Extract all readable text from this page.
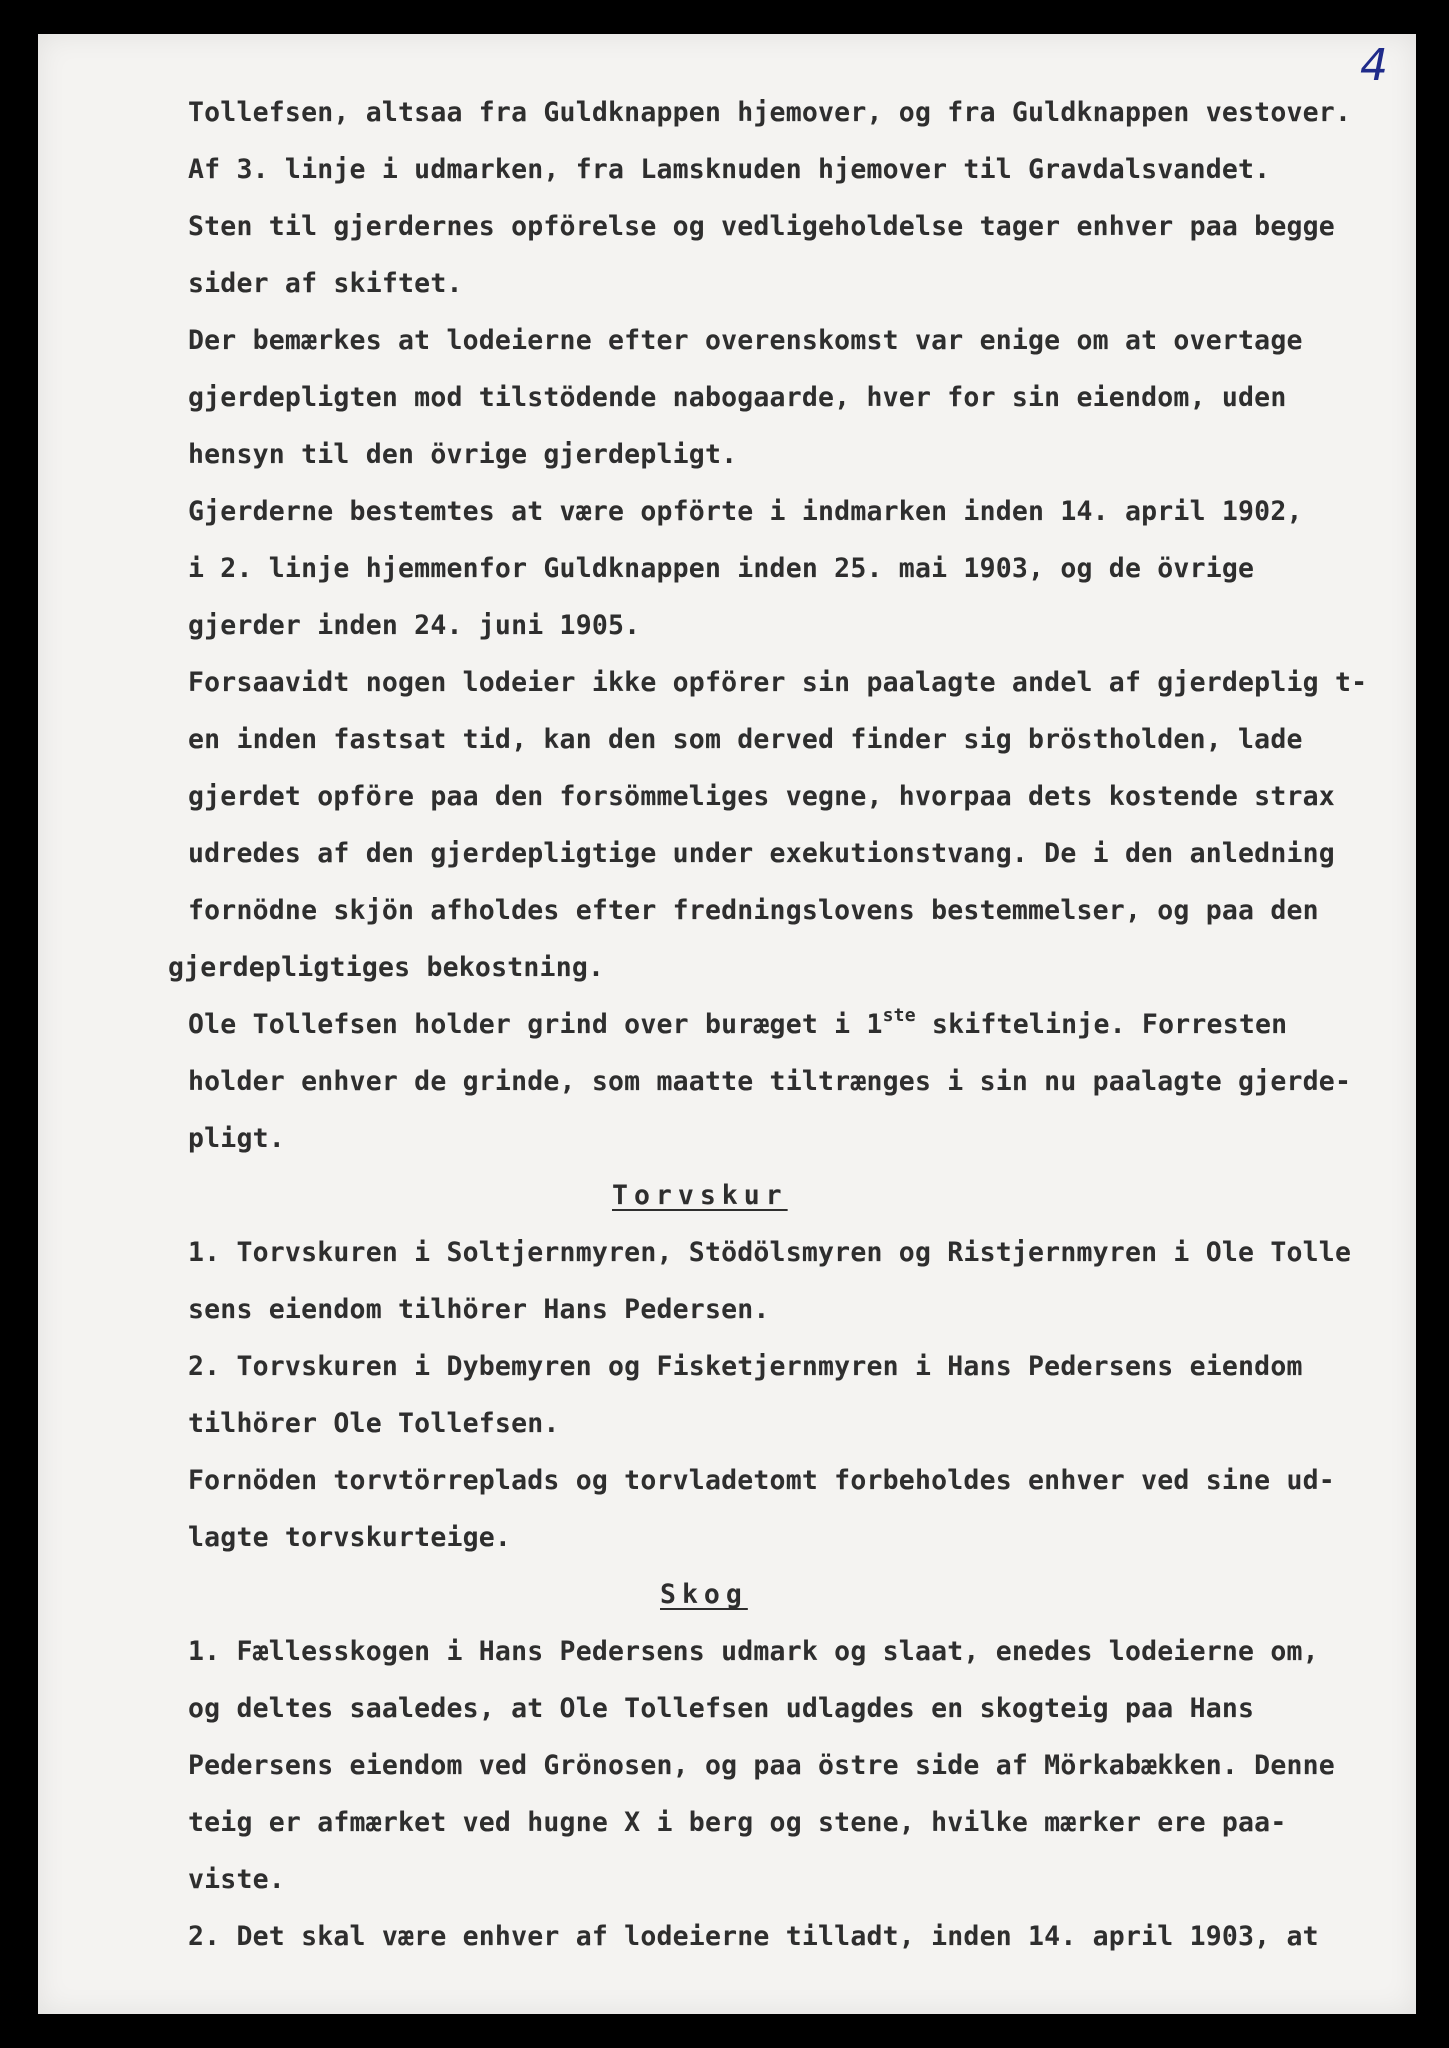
4
Tollefsen, altsaa fra Guldknappen hjemover, og fra Guldknappen vestover.
Af 3. linje i udmarken, fra Lamsknuden hjemover til Gravdalsvandet.
Sten til gjerdernes opförelse og vedligeholdelse tager enhver paa begge
sider af skiftet.
Der bemærkes at lodeierne efter overenskomst var enige om at overtage
gjerdepligten mod tilstödende nabogaarde, hver for sin eiendom, uden
hensyn til den övrige gjerdepligt.
Gjerderne bestemtes at være opförte i indmarken inden 14. april 1902,
i 2. linje hjemmenfor Guldknappen inden 25. mai 1903, og de övrige
gjerder inden 24. juni 1905.
Forsaavidt nogen lodeier ikke opförer sin paalagte andel af gjerdeplig t-
en inden fastsat tid, kan den som derved finder sig bröstholden, lade
gjerdet opföre paa den forsömmeliges vegne, hvorpaa dets kostende strax
udredes af den gjerdepligtige under exekutionstvang. De i den anledning
fornödne skjön afholdes efter fredningslovens bestemmelser, og paa den
gjerdepligtiges bekostning.
Ole Tollefsen holder grind over buræget i 1ste skiftelinje. Forresten
holder enhver de grinde, som maatte tiltrænges i sin nu paalagte gjerde-
pligt.
Torvskur
1. Torvskuren i Soltjernmyren, Stödölsmyren og Ristjernmyren i Ole Tolle
sens eiendom tilhörer Hans Pedersen.
2. Torvskuren i Dybemyren og Fisketjernmyren i Hans Pedersens eiendom
tilhörer Ole Tollefsen.
Fornöden torvtörreplads og torvladetomt forbeholdes enhver ved sine ud-
lagte torvskurteige.
Skog
1. Fællesskogen i Hans Pedersens udmark og slaat, enedes lodeierne om,
og deltes saaledes, at Ole Tollefsen udlagdes en skogteig paa Hans
Pedersens eiendom ved Grönosen, og paa östre side af Mörkabækken. Denne
teig er afmærket ved hugne X i berg og stene, hvilke mærker ere paa-
viste.
2. Det skal være enhver af lodeierne tilladt, inden 14. april 1903, at
